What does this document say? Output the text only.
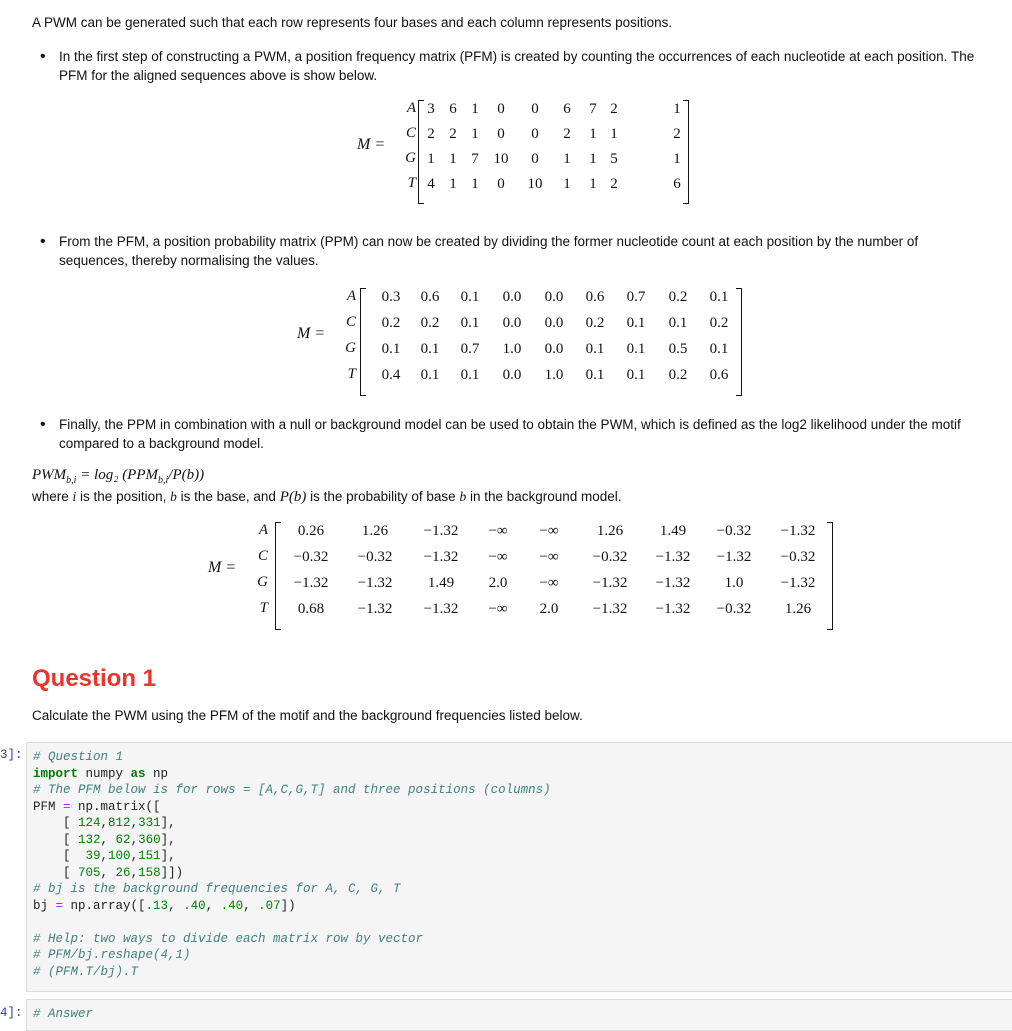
A PWM can be generated such that each row represents four bases and each column represents positions.
• In the first step of constructing a PWM, a position frequency matrix (PFM) is created by counting the occurrences of each nucleotide at each position. The
PFM for the aligned sequences above is show below.
M =
A
C
G
T
3 6 1	0	0	6	7 2	1
2 2 1	0	0	2	1 1	2
1 1 7 10	0	1	1 5	1
4 1 1	0	10	1	1 2	6
• From the PFM, a position probability matrix (PPM) can now be created by dividing the former nucleotide count at each position by the number of
sequences, thereby normalising the values.
M =
A
C
G
T
0.3	0.6	0.1	0.0	0.0	0.6	0.7	0.2	0.1
0.2	0.2	0.1	0.0	0.0	0.2	0.1	0.1	0.2
0.1	0.1	0.7	1.0	0.0	0.1	0.1	0.5	0.1
0.4	0.1	0.1	0.0	1.0	0.1	0.1	0.2	0.6
• Finally, the PPM in combination with a null or background model can be used to obtain the PWM, which is defined as the log2 likelihood under the motif
compared to a background model.
$PWM_{b,i} = \log_2$ $(PPM_{b,i}/P(b))$
where i is the position, b is the base, and P(b) is the probability of base b in the background model.
M =
A
C
G
T
0.26	1.26	−1.32	−∞	−∞	1.26	1.49	−0.32	−1.32
−0.32	−0.32	−1.32	−∞	−∞	−0.32	−1.32	−1.32	−0.32
−1.32	−1.32	1.49	2.0	−∞	−1.32	−1.32	1.0	−1.32
0.68	−1.32	−1.32	−∞	2.0	−1.32	−1.32	−0.32	1.26
Question 1
Calculate the PWM using the PFM of the motif and the background frequencies listed below.
3]: # Question 1
import numpy as np
# The PFM below is for rows = [A,C,G,T] and three positions (columns)
PFM = np.matrix([
[ 124,812,331],
[ 132, 62,360],
[  39,100,151],
[ 705, 26,158]])
# bj is the background frequencies for A, C, G, T
bj = np.array([.13, .40, .40, .07])

# Help: two ways to divide each matrix row by vector
# PFM/bj.reshape(4,1)
# (PFM.T/bj).T
4]: # Answer
